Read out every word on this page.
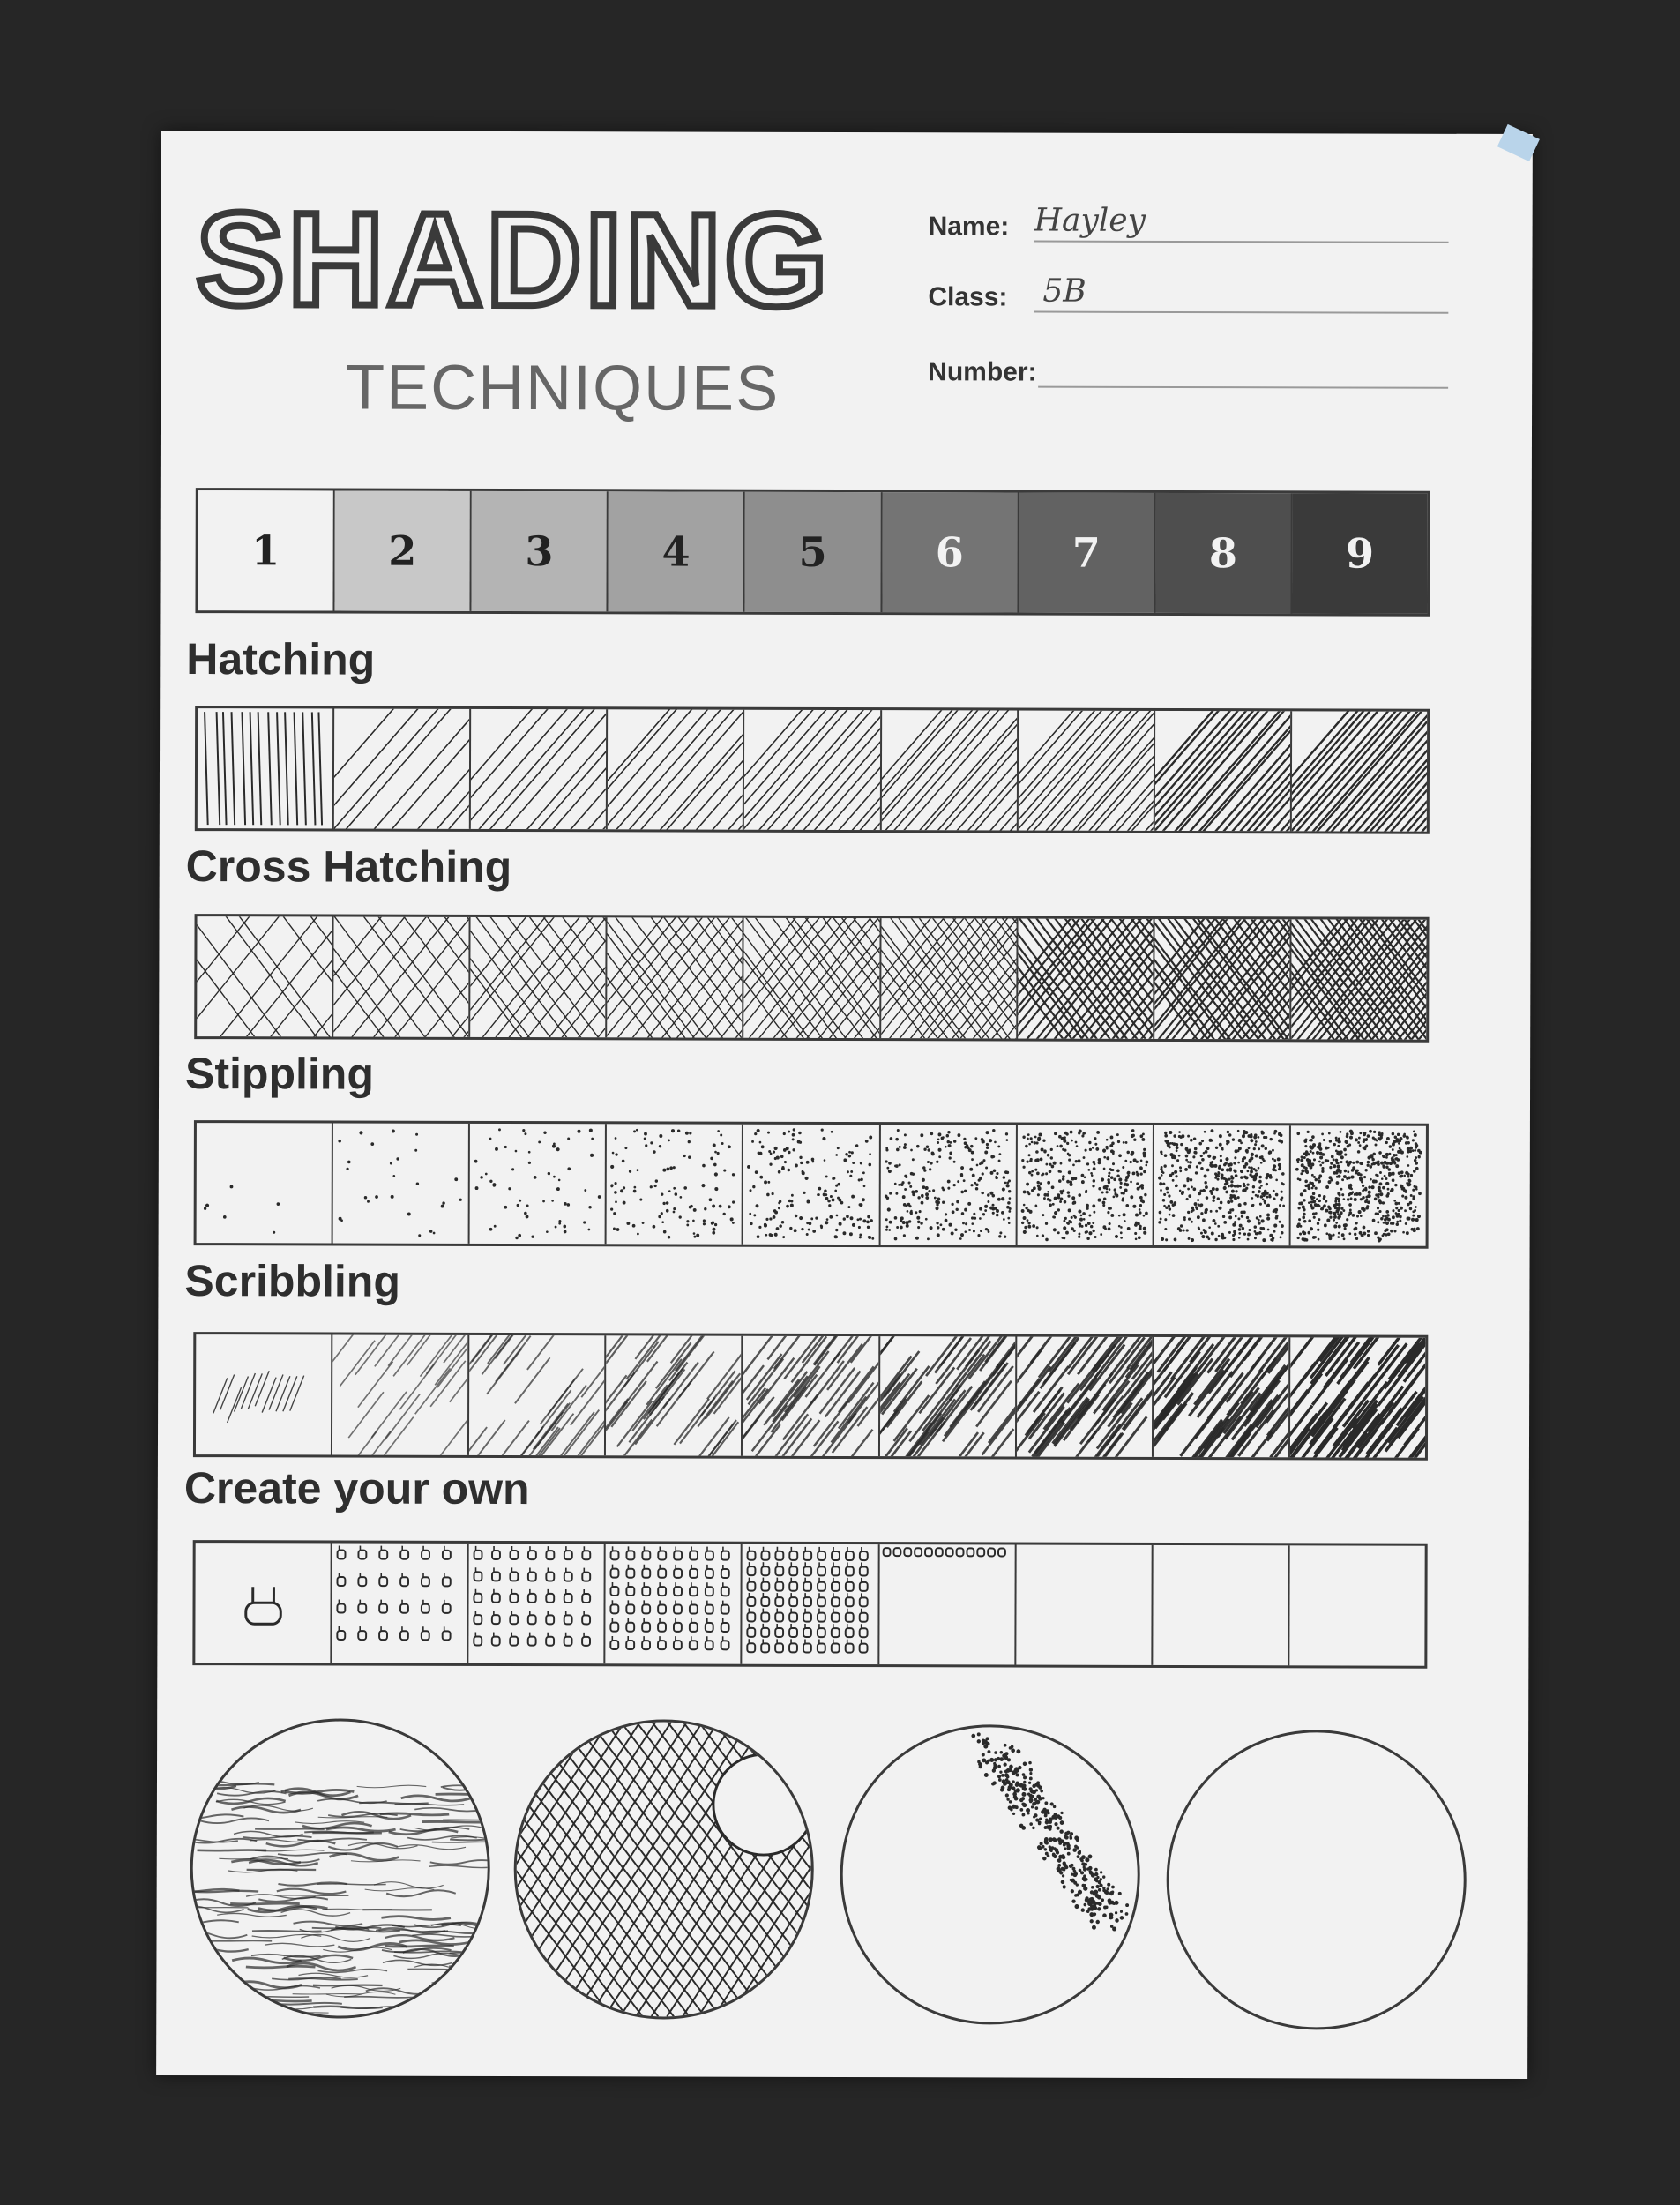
SHADING
TECHNIQUES
Name: Hayley
Class: 5B
Number:
1	2	3	4	5	6	7	8	9
Hatching
Cross Hatching
Stippling
Scribbling
Create your own
